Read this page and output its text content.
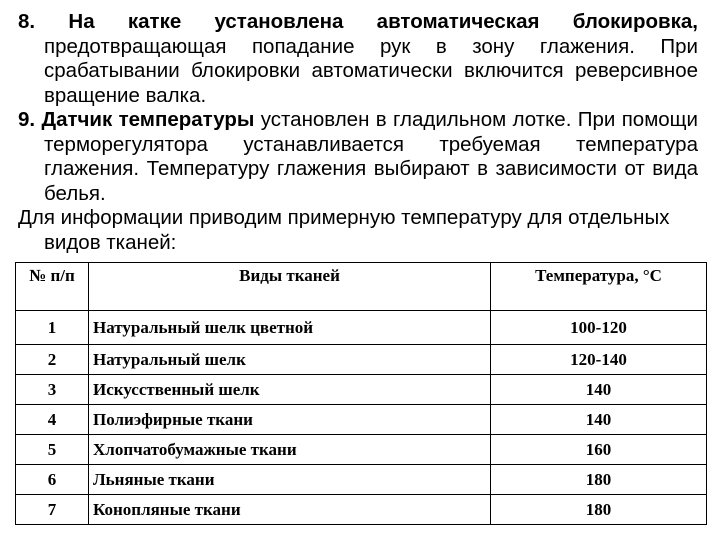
8. На катке установлена автоматическая блокировка, предотвращающая попадание рук в зону глажения. При срабатывании блокировки автоматически включится реверсивное вращение валка.

9. Датчик температуры установлен в гладильном лотке. При помощи терморегулятора устанавливается требуемая температура глажения. Температуру глажения выбирают в зависимости от вида белья.

Для информации приводим примерную температуру для отдельных видов тканей:

№ п/п	Виды тканей	Температура, °С
1	Натуральный шелк цветной	100-120
2	Натуральный шелк	120-140
3	Искусственный шелк	140
4	Полиэфирные ткани	140
5	Хлопчатобумажные ткани	160
6	Льняные ткани	180
7	Конопляные ткани	180
